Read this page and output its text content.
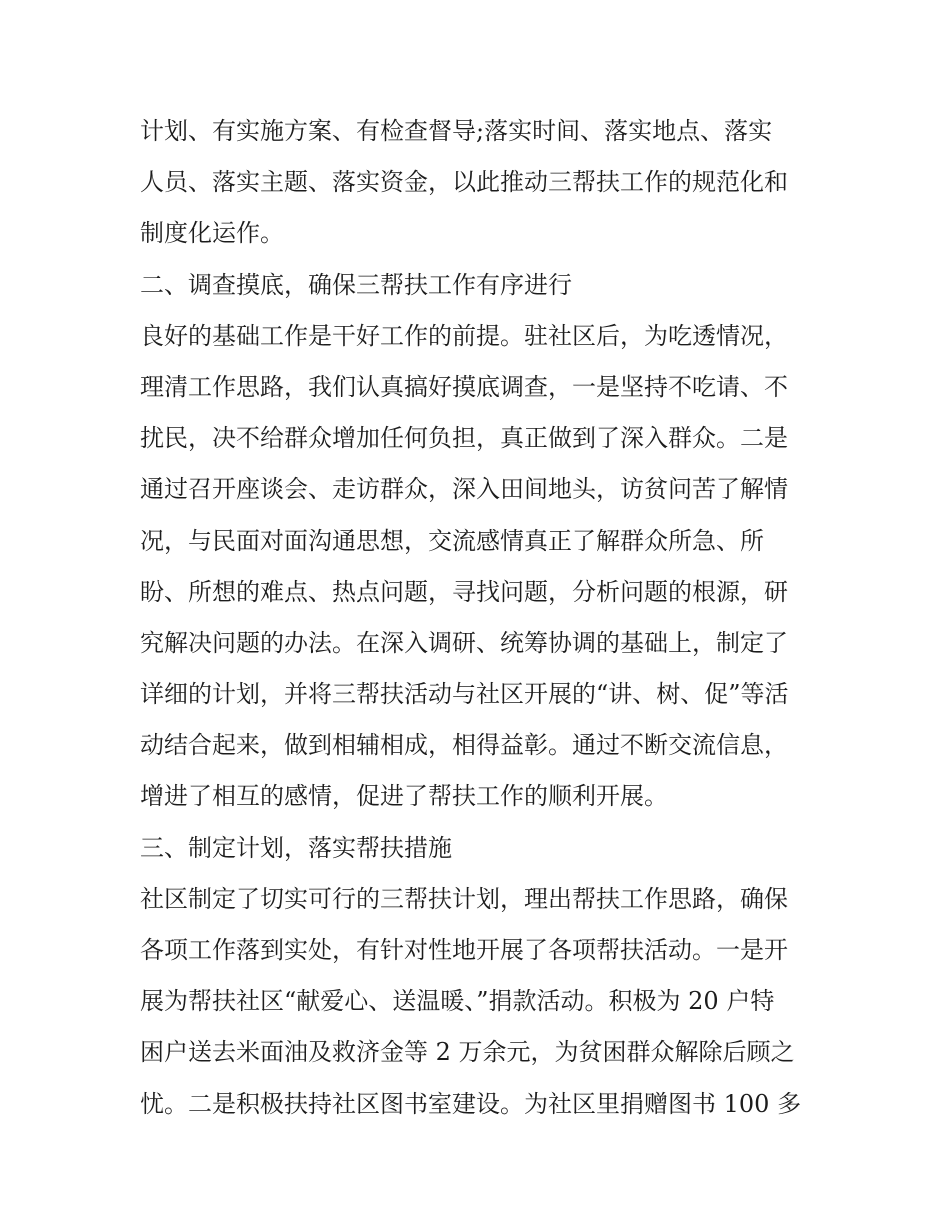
计划、有实施方案、有检查督导;落实时间、落实地点、落实
人员、落实主题、落实资金，以此推动三帮扶工作的规范化和
制度化运作。
二、调查摸底，确保三帮扶工作有序进行
良好的基础工作是干好工作的前提。驻社区后，为吃透情况，
理清工作思路，我们认真搞好摸底调查，一是坚持不吃请、不
扰民，决不给群众增加任何负担，真正做到了深入群众。二是
通过召开座谈会、走访群众，深入田间地头，访贫问苦了解情
况，与民面对面沟通思想，交流感情真正了解群众所急、所
盼、所想的难点、热点问题，寻找问题，分析问题的根源，研
究解决问题的办法。在深入调研、统筹协调的基础上，制定了
详细的计划，并将三帮扶活动与社区开展的“讲、树、促”等活
动结合起来，做到相辅相成，相得益彰。通过不断交流信息，
增进了相互的感情，促进了帮扶工作的顺利开展。
三、制定计划，落实帮扶措施
社区制定了切实可行的三帮扶计划，理出帮扶工作思路，确保
各项工作落到实处，有针对性地开展了各项帮扶活动。一是开
展为帮扶社区“献爱心、送温暖、”捐款活动。积极为 20 户特
困户送去米面油及救济金等 2 万余元，为贫困群众解除后顾之
忧。二是积极扶持社区图书室建设。为社区里捐赠图书 100 多
